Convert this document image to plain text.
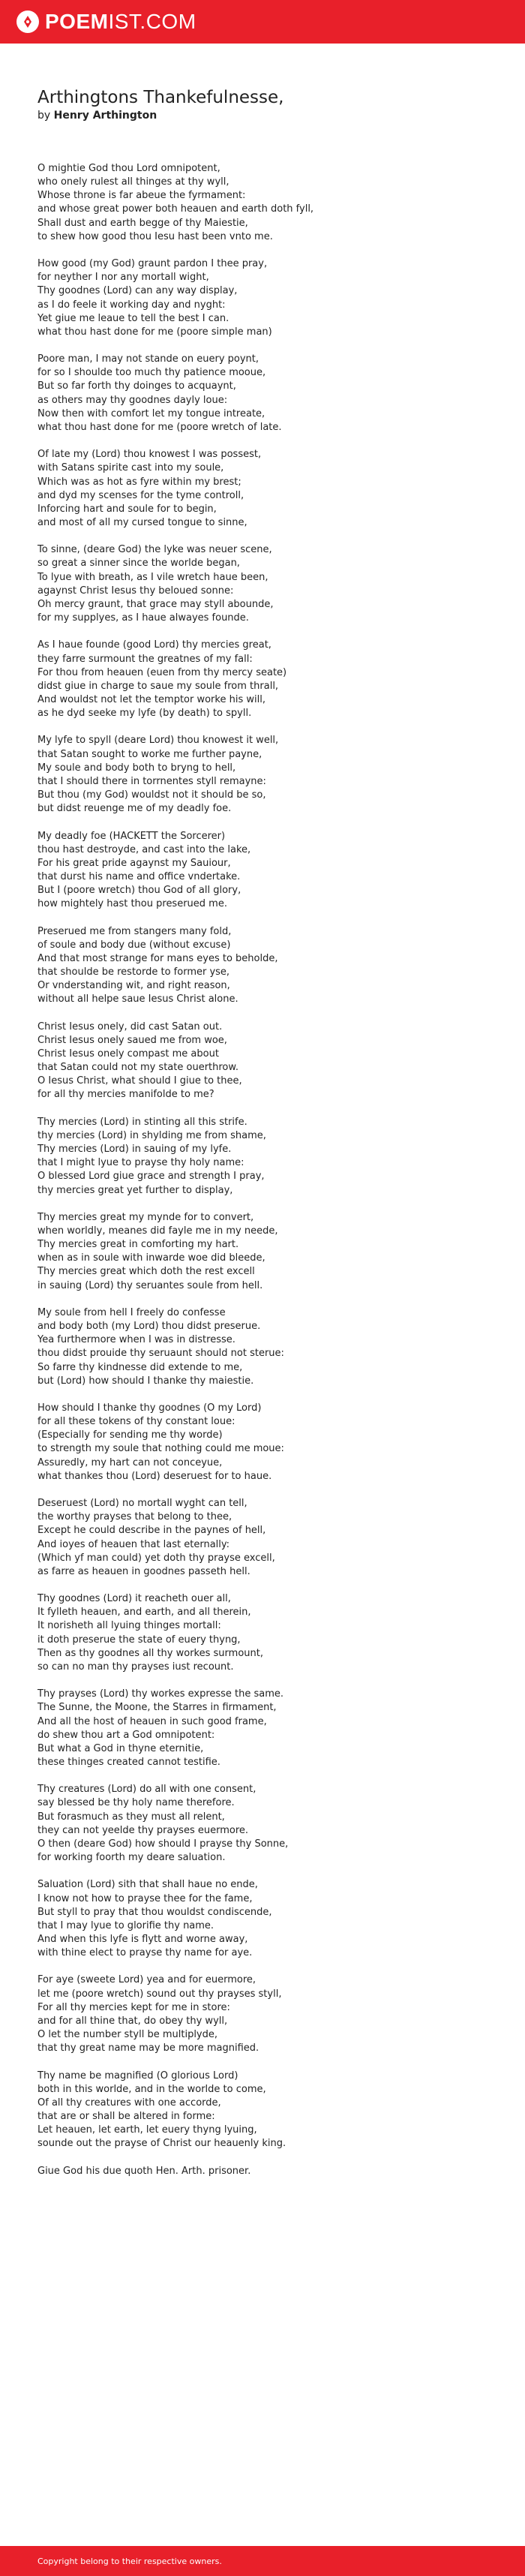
POEMIST.COM
Arthingtons Thankefulnesse,
by Henry Arthington
O mightie God thou Lord omnipotent,
who onely rulest all thinges at thy wyll,
Whose throne is far abeue the fyrmament:
and whose great power both heauen and earth doth fyll,
Shall dust and earth begge of thy Maiestie,
to shew how good thou Iesu hast been vnto me.
How good (my God) graunt pardon I thee pray,
for neyther I nor any mortall wight,
Thy goodnes (Lord) can any way display,
as I do feele it working day and nyght:
Yet giue me leaue to tell the best I can.
what thou hast done for me (poore simple man)
Poore man, I may not stande on euery poynt,
for so I shoulde too much thy patience mooue,
But so far forth thy doinges to acquaynt,
as others may thy goodnes dayly loue:
Now then with comfort let my tongue intreate,
what thou hast done for me (poore wretch of late.
Of late my (Lord) thou knowest I was possest,
with Satans spirite cast into my soule,
Which was as hot as fyre within my brest;
and dyd my scenses for the tyme controll,
Inforcing hart and soule for to begin,
and most of all my cursed tongue to sinne,
To sinne, (deare God) the lyke was neuer scene,
so great a sinner since the worlde began,
To lyue with breath, as I vile wretch haue been,
agaynst Christ Iesus thy beloued sonne:
Oh mercy graunt, that grace may styll abounde,
for my supplyes, as I haue alwayes founde.
As I haue founde (good Lord) thy mercies great,
they farre surmount the greatnes of my fall:
For thou from heauen (euen from thy mercy seate)
didst giue in charge to saue my soule from thrall,
And wouldst not let the temptor worke his will,
as he dyd seeke my lyfe (by death) to spyll.
My lyfe to spyll (deare Lord) thou knowest it well,
that Satan sought to worke me further payne,
My soule and body both to bryng to hell,
that I should there in torrnentes styll remayne:
But thou (my God) wouldst not it should be so,
but didst reuenge me of my deadly foe.
My deadly foe (HACKETT the Sorcerer)
thou hast destroyde, and cast into the lake,
For his great pride agaynst my Sauiour,
that durst his name and office vndertake.
But I (poore wretch) thou God of all glory,
how mightely hast thou preserued me.
Preserued me from stangers many fold,
of soule and body due (without excuse)
And that most strange for mans eyes to beholde,
that shoulde be restorde to former yse,
Or vnderstanding wit, and right reason,
without all helpe saue Iesus Christ alone.
Christ Iesus onely, did cast Satan out.
Christ Iesus onely saued me from woe,
Christ Iesus onely compast me about
that Satan could not my state ouerthrow.
O Iesus Christ, what should I giue to thee,
for all thy mercies manifolde to me?
Thy mercies (Lord) in stinting all this strife.
thy mercies (Lord) in shylding me from shame,
Thy mercies (Lord) in sauing of my lyfe.
that I might lyue to prayse thy holy name:
O blessed Lord giue grace and strength I pray,
thy mercies great yet further to display,
Thy mercies great my mynde for to convert,
when worldly, meanes did fayle me in my neede,
Thy mercies great in comforting my hart.
when as in soule with inwarde woe did bleede,
Thy mercies great which doth the rest excell
in sauing (Lord) thy seruantes soule from hell.
My soule from hell I freely do confesse
and body both (my Lord) thou didst preserue.
Yea furthermore when I was in distresse.
thou didst prouide thy seruaunt should not sterue:
So farre thy kindnesse did extende to me,
but (Lord) how should I thanke thy maiestie.
How should I thanke thy goodnes (O my Lord)
for all these tokens of thy constant loue:
(Especially for sending me thy worde)
to strength my soule that nothing could me moue:
Assuredly, my hart can not conceyue,
what thankes thou (Lord) deseruest for to haue.
Deseruest (Lord) no mortall wyght can tell,
the worthy prayses that belong to thee,
Except he could describe in the paynes of hell,
And ioyes of heauen that last eternally:
(Which yf man could) yet doth thy prayse excell,
as farre as heauen in goodnes passeth hell.
Thy goodnes (Lord) it reacheth ouer all,
It fylleth heauen, and earth, and all therein,
It norisheth all lyuing thinges mortall:
it doth preserue the state of euery thyng,
Then as thy goodnes all thy workes surmount,
so can no man thy prayses iust recount.
Thy prayses (Lord) thy workes expresse the same.
The Sunne, the Moone, the Starres in firmament,
And all the host of heauen in such good frame,
do shew thou art a God omnipotent:
But what a God in thyne eternitie,
these thinges created cannot testifie.
Thy creatures (Lord) do all with one consent,
say blessed be thy holy name therefore.
But forasmuch as they must all relent,
they can not yeelde thy prayses euermore.
O then (deare God) how should I prayse thy Sonne,
for working foorth my deare saluation.
Saluation (Lord) sith that shall haue no ende,
I know not how to prayse thee for the fame,
But styll to pray that thou wouldst condiscende,
that I may lyue to glorifie thy name.
And when this lyfe is flytt and worne away,
with thine elect to prayse thy name for aye.
For aye (sweete Lord) yea and for euermore,
let me (poore wretch) sound out thy prayses styll,
For all thy mercies kept for me in store:
and for all thine that, do obey thy wyll,
O let the number styll be multiplyde,
that thy great name may be more magnified.
Thy name be magnified (O glorious Lord)
both in this worlde, and in the worlde to come,
Of all thy creatures with one accorde,
that are or shall be altered in forme:
Let heauen, let earth, let euery thyng lyuing,
sounde out the prayse of Christ our heauenly king.
Giue God his due quoth Hen. Arth. prisoner.
Copyright belong to their respective owners.
